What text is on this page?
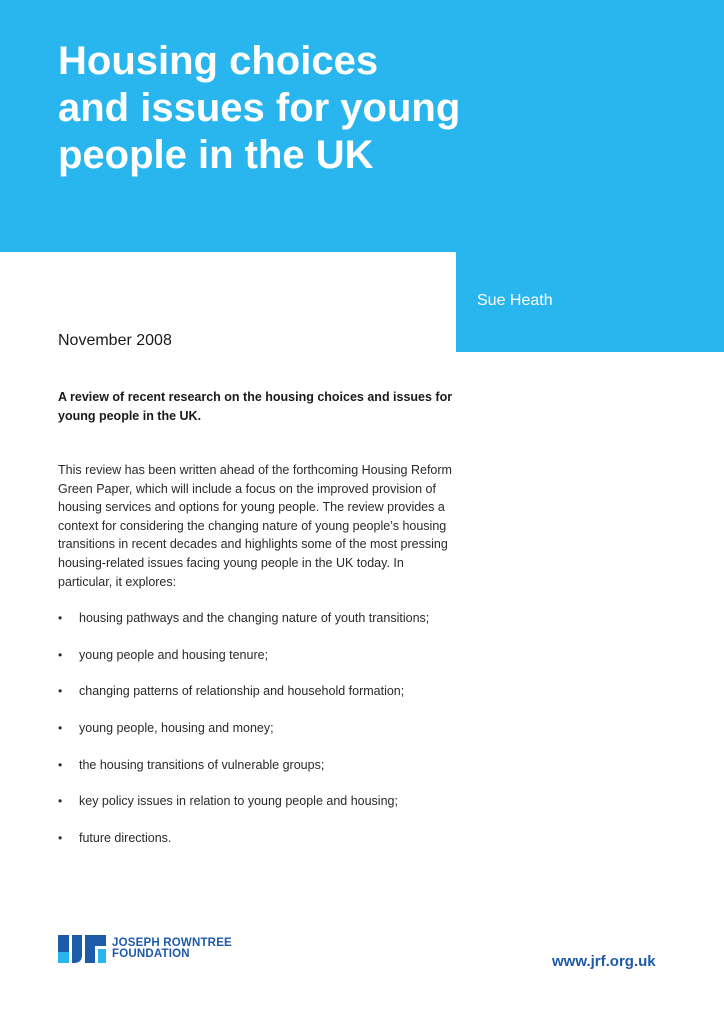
Housing choices
and issues for young
people in the UK
Sue Heath
November 2008

A review of recent research on the housing choices and issues for young people in the UK.

This review has been written ahead of the forthcoming Housing Reform Green Paper, which will include a focus on the improved provision of housing services and options for young people. The review provides a context for considering the changing nature of young people’s housing transitions in recent decades and highlights some of the most pressing housing-related issues facing young people in the UK today. In particular, it explores:

•	housing pathways and the changing nature of youth transitions;
•	young people and housing tenure;
•	changing patterns of relationship and household formation;
•	young people, housing and money;
•	the housing transitions of vulnerable groups;
•	key policy issues in relation to young people and housing;
•	future directions.
JOSEPH ROWNTREE
FOUNDATION	www.jrf.org.uk
